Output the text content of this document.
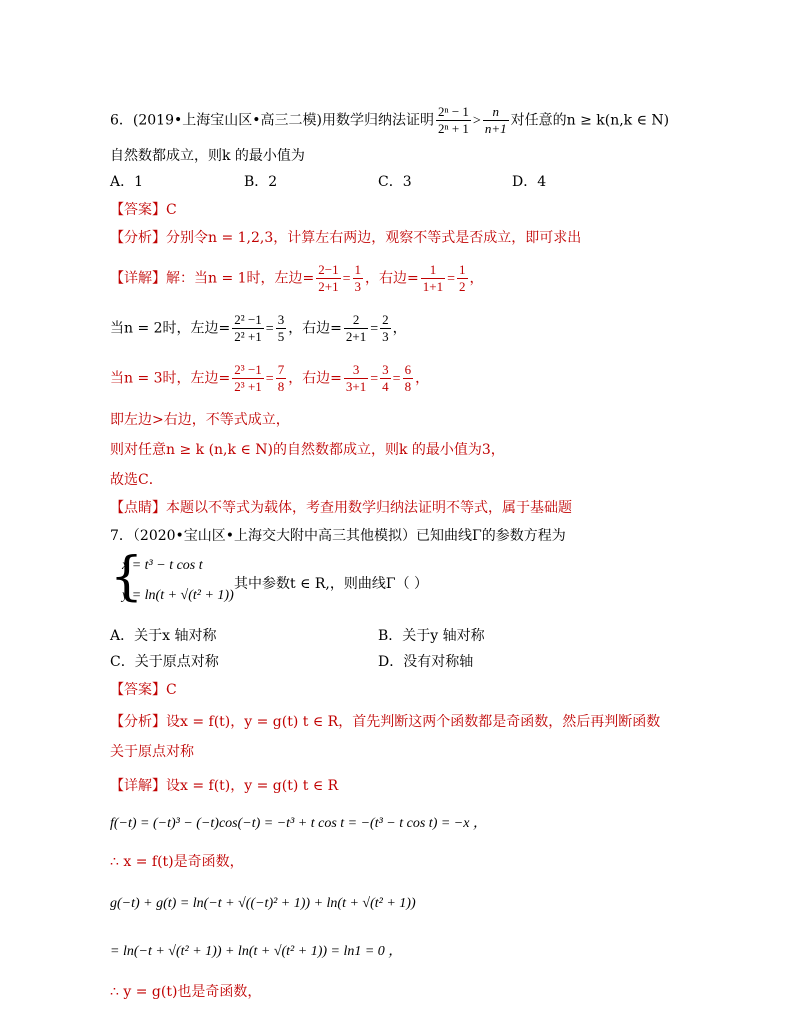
6．(2019•上海宝山区•高三二模)用数学归纳法证明 $\frac{\text{2ⁿ − 1}}{\text{2ⁿ + 1}} > \frac{n}{n+1}$ 对任意的n ≥ k(n,k ∈ N)
自然数都成立，则k 的最小值为
A．1	B．2	C．3	D．4
【答案】C
【分析】分别令n = 1,2,3，计算左右两边，观察不等式是否成立，即可求出
【详解】解：当n = 1时，左边= $\frac{2-1}{2+1} = \frac{1}{3}$ ，右边= $\frac{1}{1+1} = \frac{1}{2}$ ，
当n = 2时，左边= $\frac{\text{2² −1}}{\text{2² +1}} = \frac{3}{5}$ ，右边= $\frac{2}{2+1} = \frac{2}{3}$ ，
当n = 3时，左边= $\frac{\text{2³ −1}}{\text{2³ +1}} = \frac{7}{8}$ ，右边= $\frac{3}{3+1} = \frac{3}{4} = \frac{6}{8}$ ，
即左边>右边，不等式成立，
则对任意n ≥ k (n,k ∈ N)的自然数都成立，则k 的最小值为3，
故选C．
【点睛】本题以不等式为载体，考查用数学归纳法证明不等式，属于基础题
7．（2020•宝山区•上海交大附中高三其他模拟）已知曲线Γ的参数方程为
{
x = t³ − t cos t
y = ln(t + √(t² + 1))
其中参数t ∈ R,，则曲线Γ（ ）
A．关于x 轴对称	B．关于y 轴对称
C．关于原点对称	D．没有对称轴
【答案】C
【分析】设x = f(t)，y = g(t) t ∈ R，首先判断这两个函数都是奇函数，然后再判断函数
关于原点对称
【详解】设x = f(t)，y = g(t) t ∈ R
f(−t) = (−t)³ − (−t)cos(−t) = −t³ + t cos t = −(t³ − t cos t) = −x ，
∴ x = f(t)是奇函数，
g(−t) + g(t) = ln(−t + √((−t)² + 1)) + ln(t + √(t² + 1))
= ln(−t + √(t² + 1)) + ln(t + √(t² + 1)) = ln1 = 0 ，
∴ y = g(t)也是奇函数，
